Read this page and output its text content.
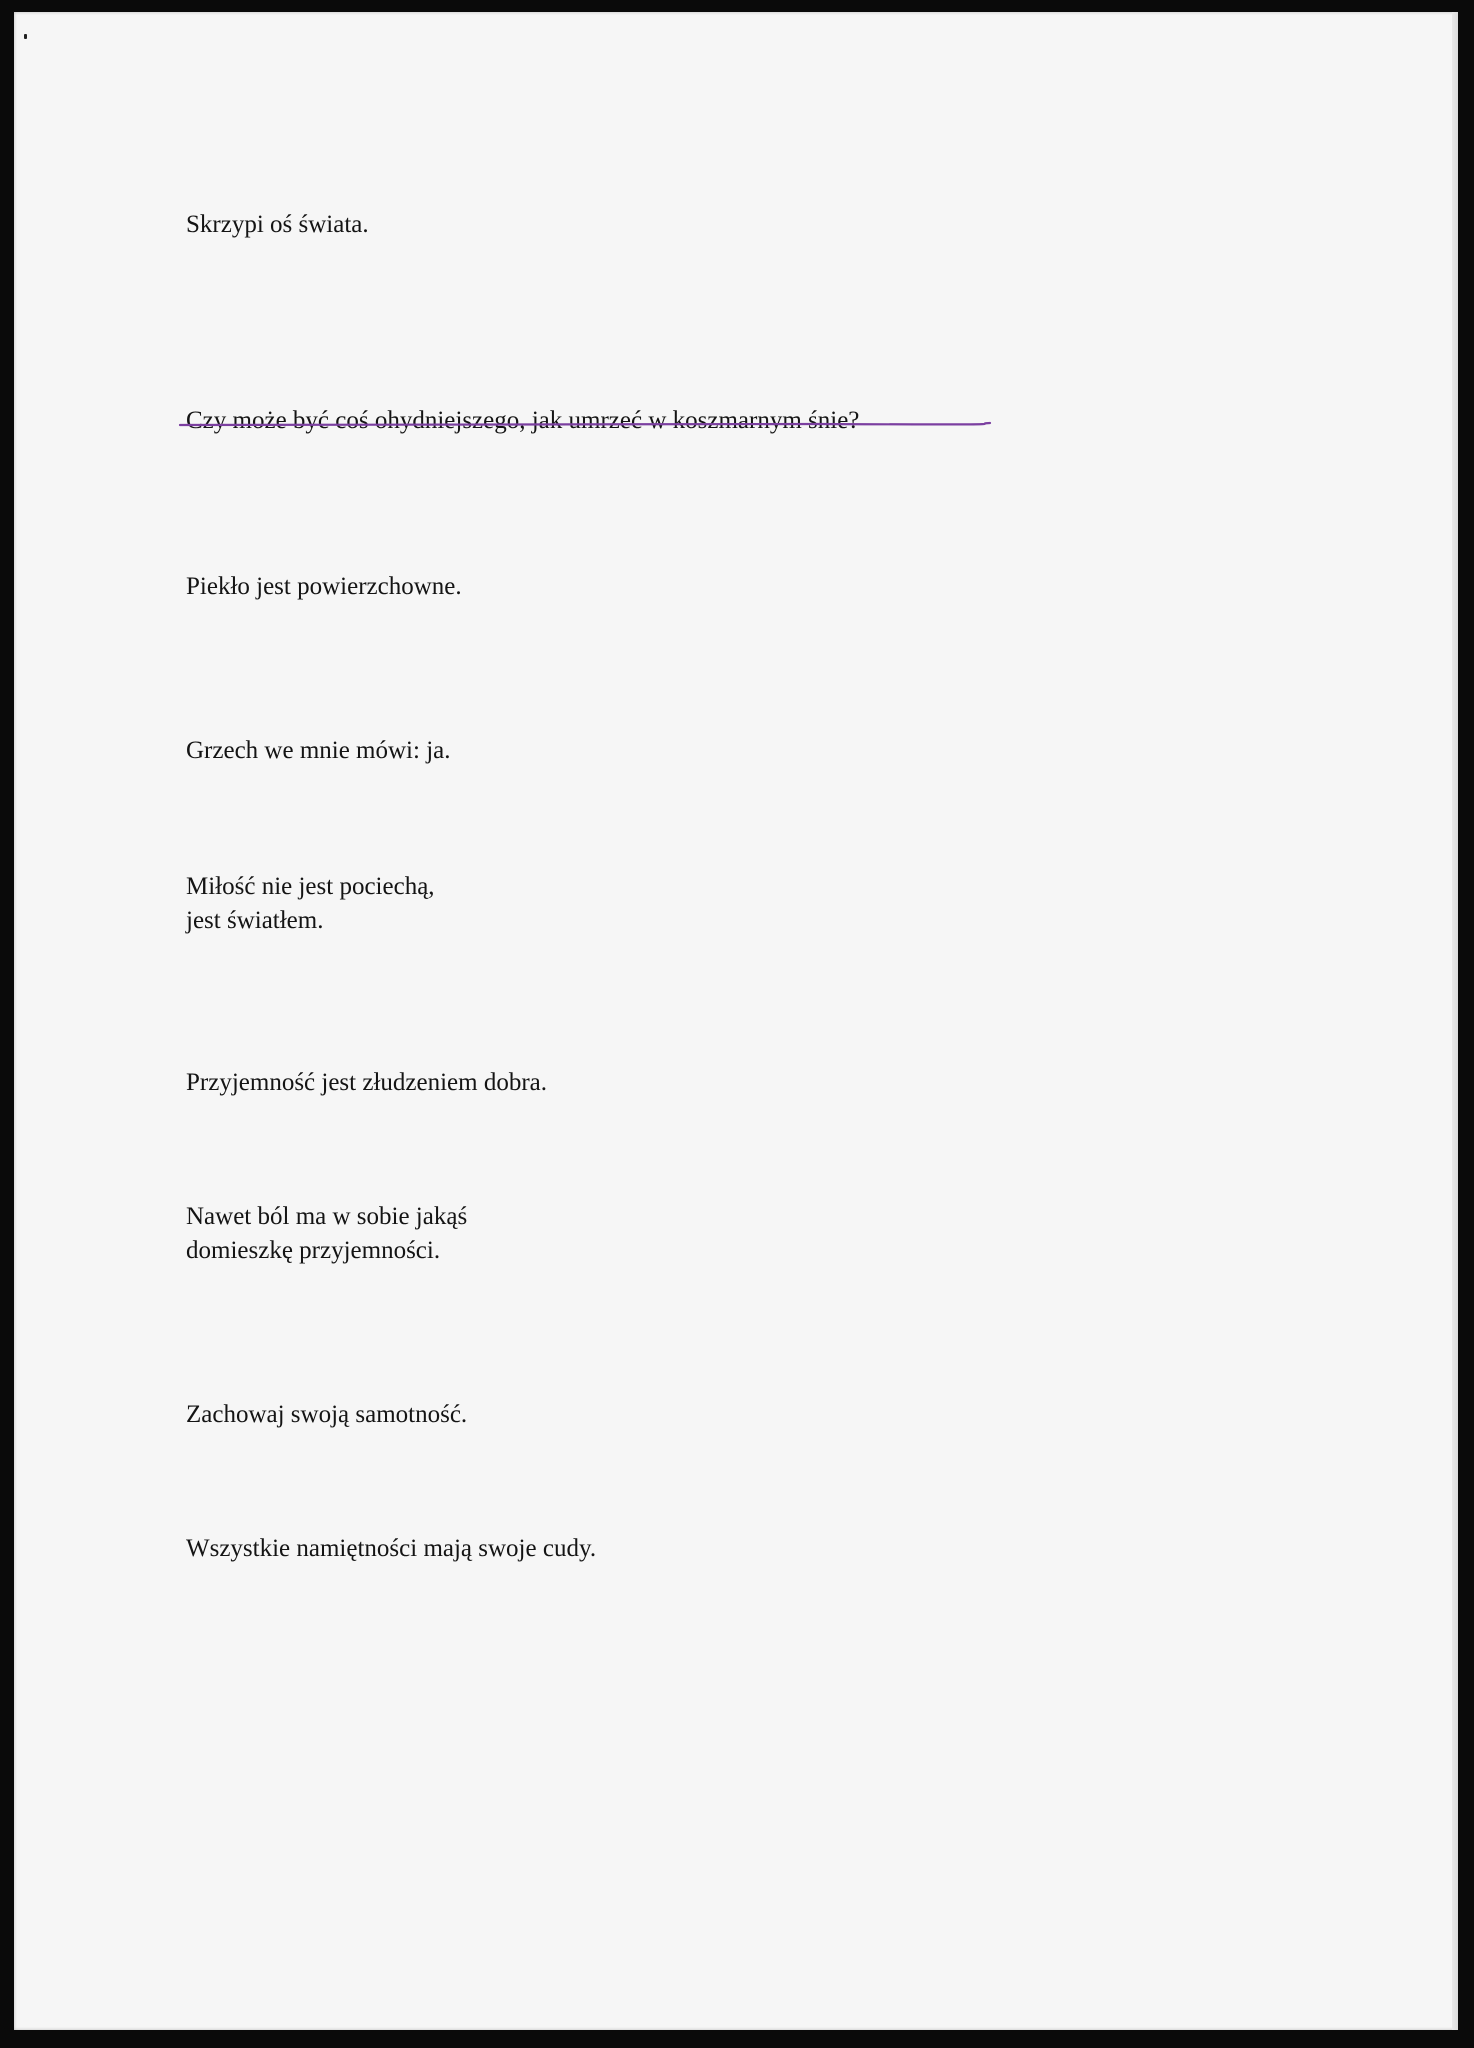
Skrzypi oś świata.

Czy może być coś ohydniejszego, jak umrzeć w koszmarnym śnie?

Piekło jest powierzchowne.

Grzech we mnie mówi: ja.

Miłość nie jest pociechą,
jest światłem.

Przyjemność jest złudzeniem dobra.

Nawet ból ma w sobie jakąś
domieszkę przyjemności.

Zachowaj swoją samotność.

Wszystkie namiętności mają swoje cudy.
